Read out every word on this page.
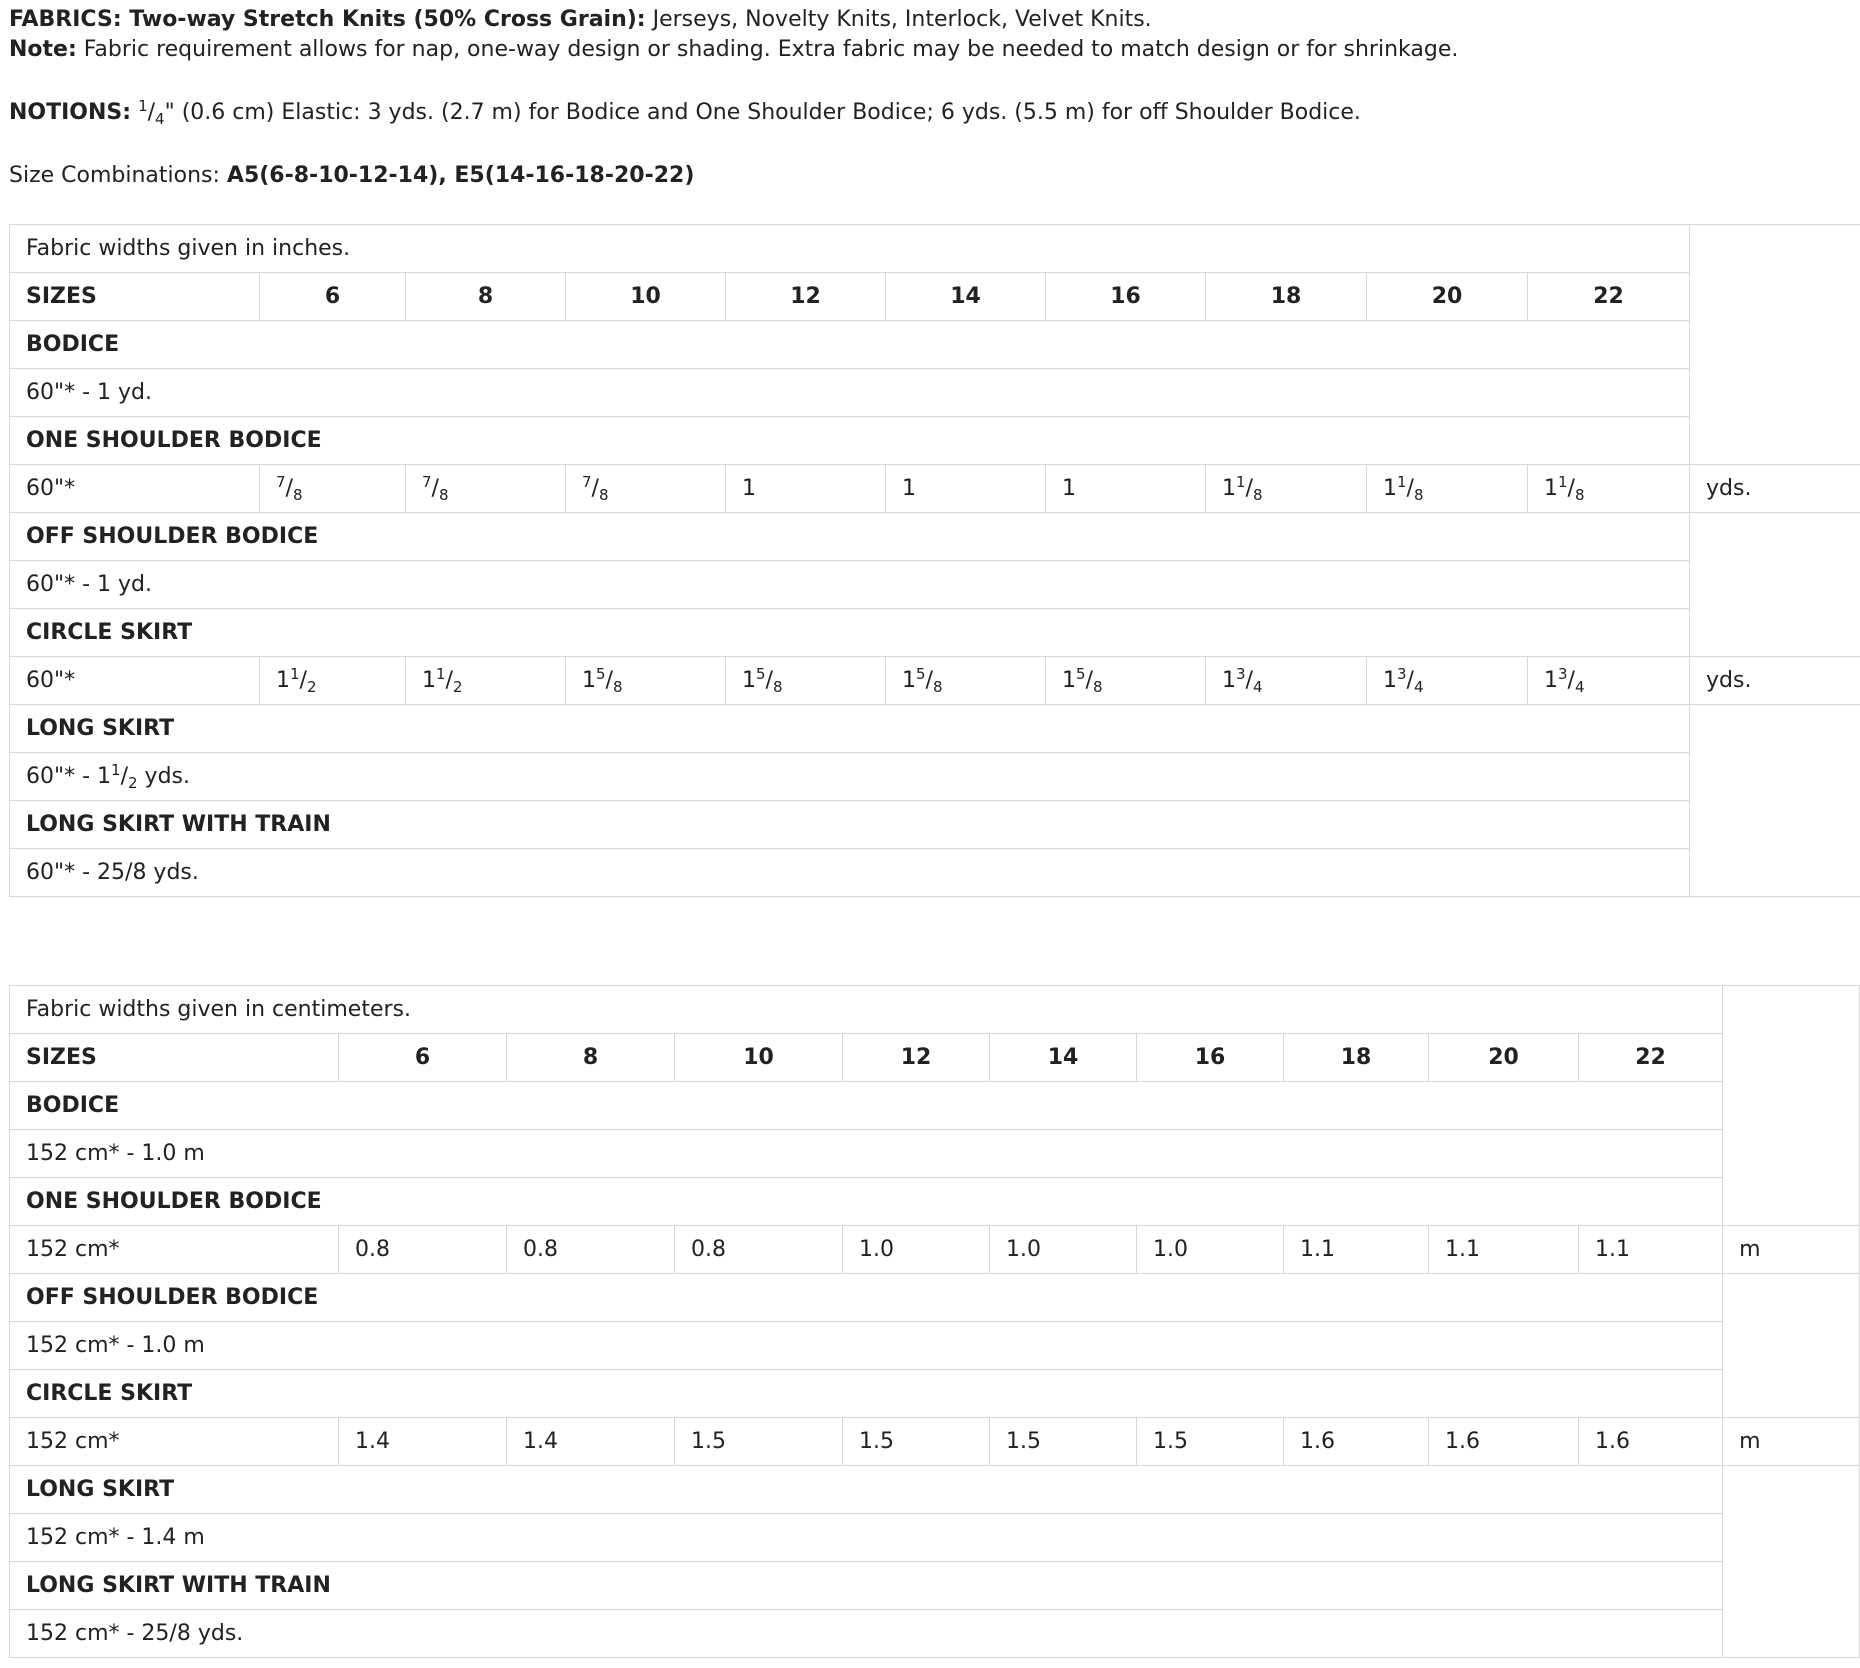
FABRICS: Two-way Stretch Knits (50% Cross Grain): Jerseys, Novelty Knits, Interlock, Velvet Knits.

Note: Fabric requirement allows for nap, one-way design or shading. Extra fabric may be needed to match design or for shrinkage.

NOTIONS: $^1/_4$" (0.6 cm) Elastic: 3 yds. (2.7 m) for Bodice and One Shoulder Bodice; 6 yds. (5.5 m) for off Shoulder Bodice.

Size Combinations: A5(6-8-10-12-14), E5(14-16-18-20-22)

Fabric widths given in inches.										
SIZES	6	8	10	12	14	16	18	20	22	
BODICE										
60"* - 1 yd.										
ONE SHOULDER BODICE										
60"*	$^7/_8$	$^7/_8$	$^7/_8$	1	1	1	$1^1/_8$	$1^1/_8$	$1^1/_8$	yds.
OFF SHOULDER BODICE										
60"* - 1 yd.										
CIRCLE SKIRT										
60"*	$1^1/_2$	$1^1/_2$	$1^5/_8$	$1^5/_8$	$1^5/_8$	$1^5/_8$	$1^3/_4$	$1^3/_4$	$1^3/_4$	yds.
LONG SKIRT										
60"* - $1^1/_2$ yds.										
LONG SKIRT WITH TRAIN										
60"* - 25/8 yds.										
Fabric widths given in centimeters.										
SIZES	6	8	10	12	14	16	18	20	22	
BODICE										
152 cm* - 1.0 m										
ONE SHOULDER BODICE										
152 cm*	0.8	0.8	0.8	1.0	1.0	1.0	1.1	1.1	1.1	m
OFF SHOULDER BODICE										
152 cm* - 1.0 m										
CIRCLE SKIRT										
152 cm*	1.4	1.4	1.5	1.5	1.5	1.5	1.6	1.6	1.6	m
LONG SKIRT										
152 cm* - 1.4 m										
LONG SKIRT WITH TRAIN										
152 cm* - 25/8 yds.										
